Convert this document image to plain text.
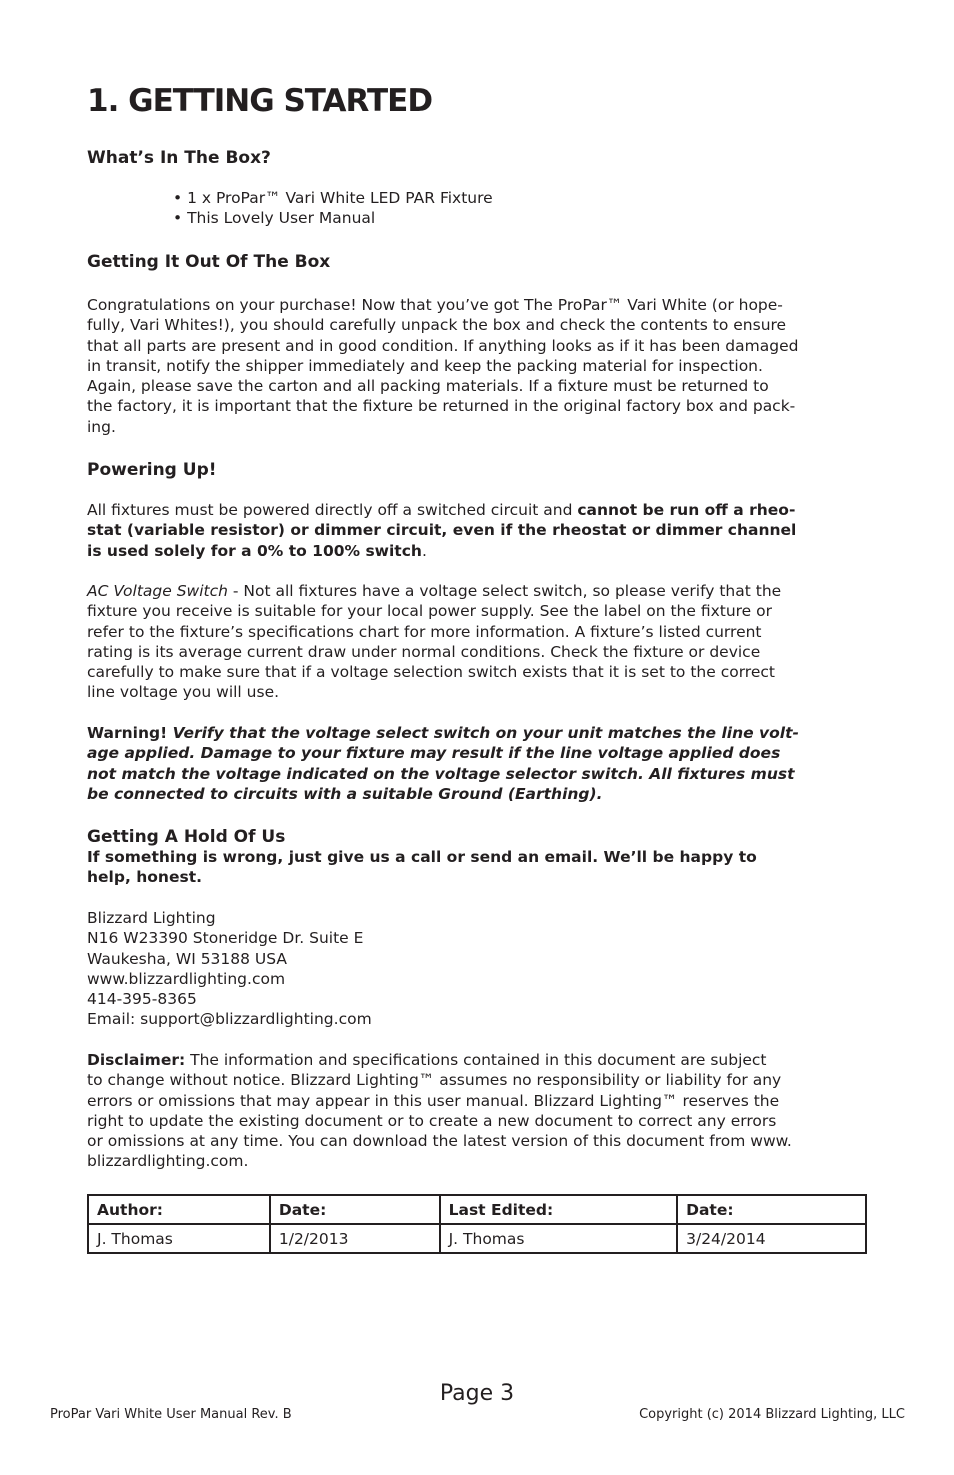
1. GETTING STARTED
What’s In The Box?
• 1 x ProPar™ Vari White LED PAR Fixture
• This Lovely User Manual
Getting It Out Of The Box

Congratulations on your purchase! Now that you’ve got The ProPar™ Vari White (or hope-
fully, Vari Whites!), you should carefully unpack the box and check the contents to ensure
that all parts are present and in good condition. If anything looks as if it has been damaged
in transit, notify the shipper immediately and keep the packing material for inspection.
Again, please save the carton and all packing materials. If a fixture must be returned to
the factory, it is important that the fixture be returned in the original factory box and pack-
ing.

Powering Up!

All fixtures must be powered directly off a switched circuit and cannot be run off a rheo-
stat (variable resistor) or dimmer circuit, even if the rheostat or dimmer channel
is used solely for a 0% to 100% switch.

AC Voltage Switch - Not all fixtures have a voltage select switch, so please verify that the
fixture you receive is suitable for your local power supply. See the label on the fixture or
refer to the fixture’s specifications chart for more information. A fixture’s listed current
rating is its average current draw under normal conditions. Check the fixture or device
carefully to make sure that if a voltage selection switch exists that it is set to the correct
line voltage you will use.

Warning! Verify that the voltage select switch on your unit matches the line volt-
age applied. Damage to your fixture may result if the line voltage applied does
not match the voltage indicated on the voltage selector switch. All fixtures must
be connected to circuits with a suitable Ground (Earthing).

Getting A Hold Of Us

If something is wrong, just give us a call or send an email. We’ll be happy to
help, honest.

Blizzard Lighting
N16 W23390 Stoneridge Dr. Suite E
Waukesha, WI 53188 USA
www.blizzardlighting.com
414-395-8365
Email: support@blizzardlighting.com

Disclaimer: The information and specifications contained in this document are subject
to change without notice. Blizzard Lighting™ assumes no responsibility or liability for any
errors or omissions that may appear in this user manual. Blizzard Lighting™ reserves the
right to update the existing document or to create a new document to correct any errors
or omissions at any time. You can download the latest version of this document from www.
blizzardlighting.com.

Author:	Date:	Last Edited:	Date:
J. Thomas	1/2/2013	J. Thomas	3/24/2014
Page 3
ProPar Vari White User Manual Rev. B	Copyright (c) 2014 Blizzard Lighting, LLC
